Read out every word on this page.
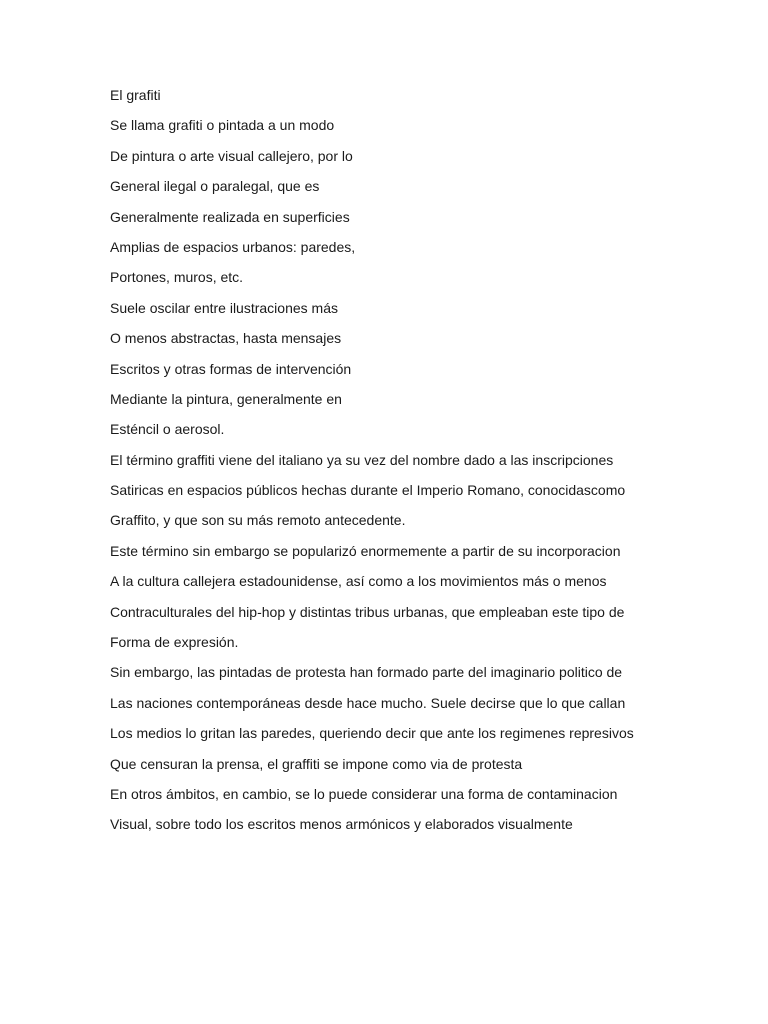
El grafiti

Se llama grafiti o pintada a un modo

De pintura o arte visual callejero, por lo

General ilegal o paralegal, que es

Generalmente realizada en superficies

Amplias de espacios urbanos: paredes,

Portones, muros, etc.

Suele oscilar entre ilustraciones más

O menos abstractas, hasta mensajes

Escritos y otras formas de intervención

Mediante la pintura, generalmente en

Esténcil o aerosol.

El término graffiti viene del italiano ya su vez del nombre dado a las inscripciones

Satiricas en espacios públicos hechas durante el Imperio Romano, conocidascomo

Graffito, y que son su más remoto antecedente.

Este término sin embargo se popularizó enormemente a partir de su incorporacion

A la cultura callejera estadounidense, así como a los movimientos más o menos

Contraculturales del hip-hop y distintas tribus urbanas, que empleaban este tipo de

Forma de expresión.

Sin embargo, las pintadas de protesta han formado parte del imaginario politico de

Las naciones contemporáneas desde hace mucho. Suele decirse que lo que callan

Los medios lo gritan las paredes, queriendo decir que ante los regimenes represivos

Que censuran la prensa, el graffiti se impone como via de protesta

En otros ámbitos, en cambio, se lo puede considerar una forma de contaminacion

Visual, sobre todo los escritos menos armónicos y elaborados visualmente
